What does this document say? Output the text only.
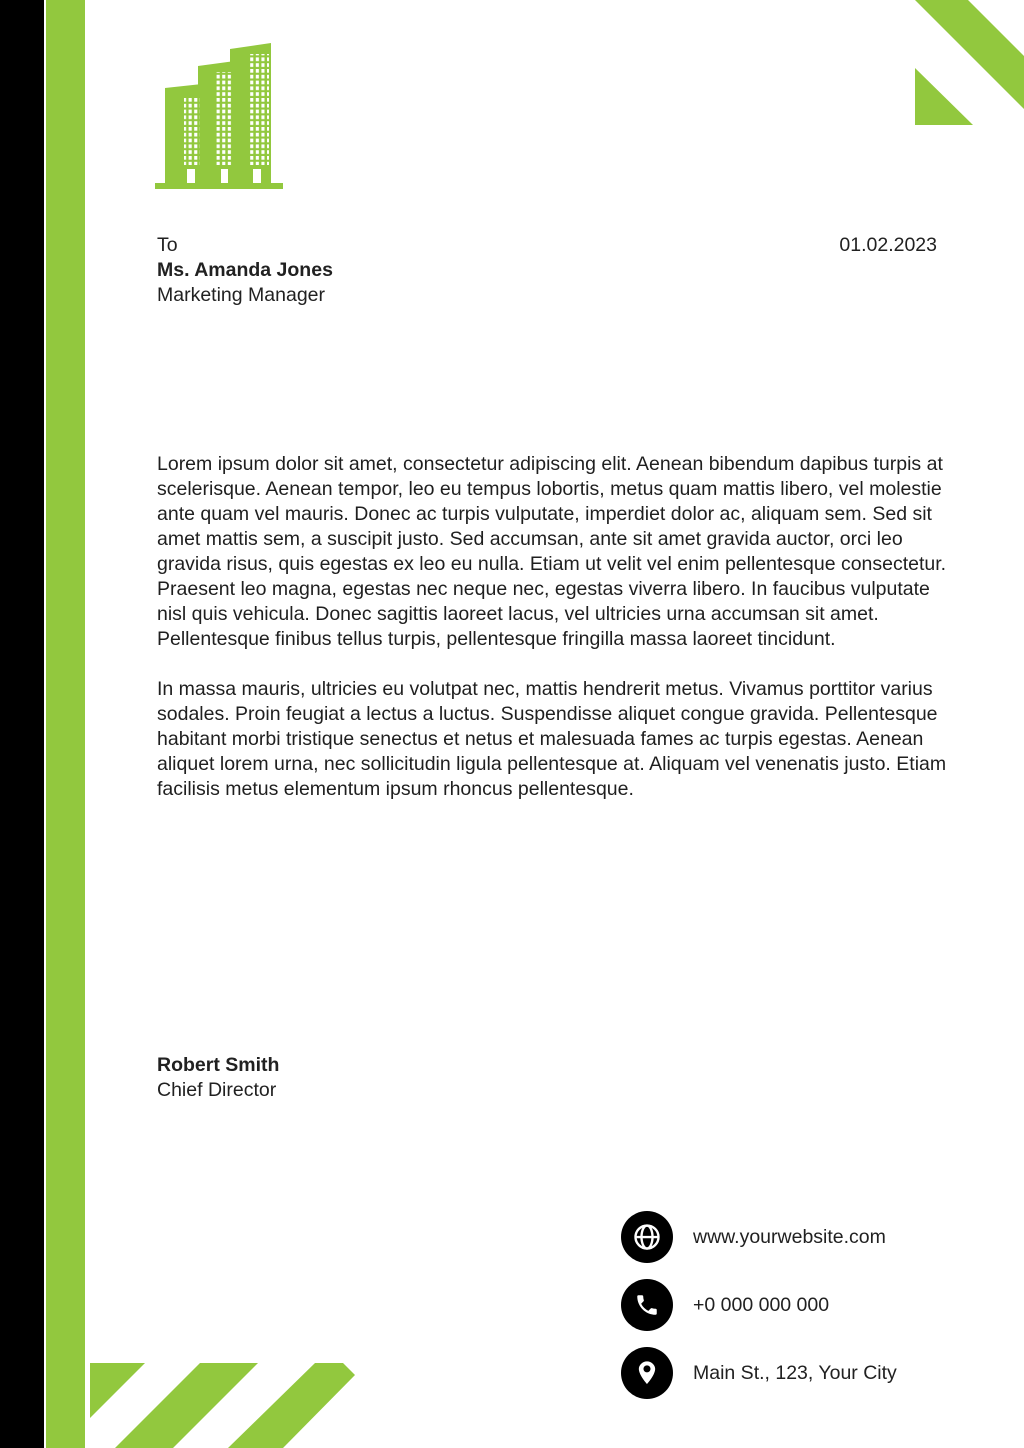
To
Ms. Amanda Jones
Marketing Manager
01.02.2023

Lorem ipsum dolor sit amet, consectetur adipiscing elit. Aenean bibendum dapibus turpis at scelerisque. Aenean tempor, leo eu tempus lobortis, metus quam mattis libero, vel molestie ante quam vel mauris. Donec ac turpis vulputate, imperdiet dolor ac, aliquam sem. Sed sit amet mattis sem, a suscipit justo. Sed accumsan, ante sit amet gravida auctor, orci leo gravida risus, quis egestas ex leo eu nulla. Etiam ut velit vel enim pellentesque consectetur. Praesent leo magna, egestas nec neque nec, egestas viverra libero. In faucibus vulputate nisl quis vehicula. Donec sagittis laoreet lacus, vel ultricies urna accumsan sit amet. Pellentesque finibus tellus turpis, pellentesque fringilla massa laoreet tincidunt.

In massa mauris, ultricies eu volutpat nec, mattis hendrerit metus. Vivamus porttitor varius sodales. Proin feugiat a lectus a luctus. Suspendisse aliquet congue gravida. Pellentesque habitant morbi tristique senectus et netus et malesuada fames ac turpis egestas. Aenean aliquet lorem urna, nec sollicitudin ligula pellentesque at. Aliquam vel venenatis justo. Etiam facilisis metus elementum ipsum rhoncus pellentesque.

Robert Smith
Chief Director
www.yourwebsite.com
+0 000 000 000
Main St., 123, Your City
